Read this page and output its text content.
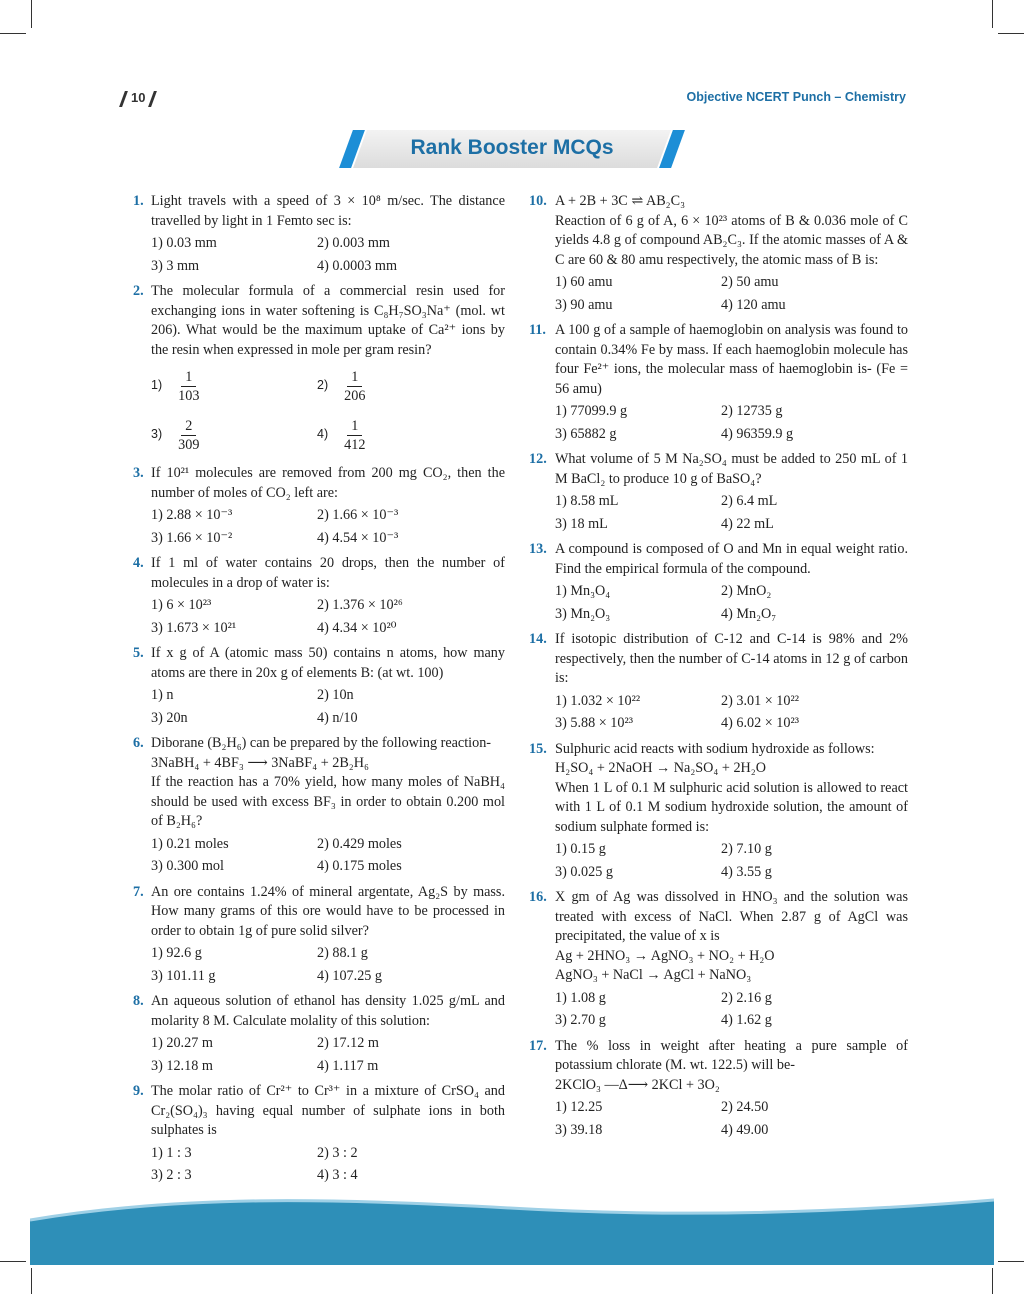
10	Objective NCERT Punch – Chemistry
Rank Booster MCQs
1. Light travels with a speed of 3 × 10⁸ m/sec. The distance travelled by light in 1 Femto sec is:

1) 0.03 mm	2) 0.003 mm
3) 3 mm	4) 0.0003 mm
2. The molecular formula of a commercial resin used for exchanging ions in water softening is C₈H₇SO₃Na⁺ (mol. wt 206). What would be the maximum uptake of Ca²⁺ ions by the resin when expressed in mole per gram resin?

$1) \frac{1}{103}$	$2) \frac{1}{206}$
$3) \frac{2}{309}$	$4) \frac{1}{412}$
3. If 10²¹ molecules are removed from 200 mg CO₂, then the number of moles of CO₂ left are:

1) 2.88 × 10⁻³	2) 1.66 × 10⁻³
3) 1.66 × 10⁻²	4) 4.54 × 10⁻³
4. If 1 ml of water contains 20 drops, then the number of molecules in a drop of water is:

1) 6 × 10²³	2) 1.376 × 10²⁶
3) 1.673 × 10²¹	4) 4.34 × 10²⁰
5. If x g of A (atomic mass 50) contains n atoms, how many atoms are there in 20x g of elements B: (at wt. 100)

1) n	2) 10n
3) 20n	4) n/10
6. Diborane (B₂H₆) can be prepared by the following reaction-

3NaBH₄ + 4BF₃ ⟶ 3NaBF₄ + 2B₂H₆

If the reaction has a 70% yield, how many moles of NaBH₄ should be used with excess BF₃ in order to obtain 0.200 mol of B₂H₆?

1) 0.21 moles	2) 0.429 moles
3) 0.300 mol	4) 0.175 moles
7. An ore contains 1.24% of mineral argentate, Ag₂S by mass. How many grams of this ore would have to be processed in order to obtain 1g of pure solid silver?

1) 92.6 g	2) 88.1 g
3) 101.11 g	4) 107.25 g
8. An aqueous solution of ethanol has density 1.025 g/mL and molarity 8 M. Calculate molality of this solution:

1) 20.27 m	2) 17.12 m
3) 12.18 m	4) 1.117 m
9. The molar ratio of Cr²⁺ to Cr³⁺ in a mixture of CrSO₄ and Cr₂(SO₄)₃ having equal number of sulphate ions in both sulphates is

1) 1 : 3	2) 3 : 2
3) 2 : 3	4) 3 : 4
10. A + 2B + 3C ⇌ AB₂C₃

Reaction of 6 g of A, 6 × 10²³ atoms of B & 0.036 mole of C yields 4.8 g of compound AB₂C₃. If the atomic masses of A & C are 60 & 80 amu respectively, the atomic mass of B is:

1) 60 amu	2) 50 amu
3) 90 amu	4) 120 amu
11. A 100 g of a sample of haemoglobin on analysis was found to contain 0.34% Fe by mass. If each haemoglobin molecule has four Fe²⁺ ions, the molecular mass of haemoglobin is- (Fe = 56 amu)

1) 77099.9 g	2) 12735 g
3) 65882 g	4) 96359.9 g
12. What volume of 5 M Na₂SO₄ must be added to 250 mL of 1 M BaCl₂ to produce 10 g of BaSO₄?

1) 8.58 mL	2) 6.4 mL
3) 18 mL	4) 22 mL
13. A compound is composed of O and Mn in equal weight ratio. Find the empirical formula of the compound.

1) Mn₃O₄	2) MnO₂
3) Mn₂O₃	4) Mn₂O₇
14. If isotopic distribution of C-12 and C-14 is 98% and 2% respectively, then the number of C-14 atoms in 12 g of carbon is:

1) 1.032 × 10²²	2) 3.01 × 10²²
3) 5.88 × 10²³	4) 6.02 × 10²³
15. Sulphuric acid reacts with sodium hydroxide as follows:

H₂SO₄ + 2NaOH → Na₂SO₄ + 2H₂O

When 1 L of 0.1 M sulphuric acid solution is allowed to react with 1 L of 0.1 M sodium hydroxide solution, the amount of sodium sulphate formed is:

1) 0.15 g	2) 7.10 g
3) 0.025 g	4) 3.55 g
16. X gm of Ag was dissolved in HNO₃ and the solution was treated with excess of NaCl. When 2.87 g of AgCl was precipitated, the value of x is

Ag + 2HNO₃ → AgNO₃ + NO₂ + H₂O

AgNO₃ + NaCl → AgCl + NaNO₃

1) 1.08 g	2) 2.16 g
3) 2.70 g	4) 1.62 g
17. The % loss in weight after heating a pure sample of potassium chlorate (M. wt. 122.5) will be-

2KClO₃ —Δ⟶ 2KCl + 3O₂

1) 12.25	2) 24.50
3) 39.18	4) 49.00
